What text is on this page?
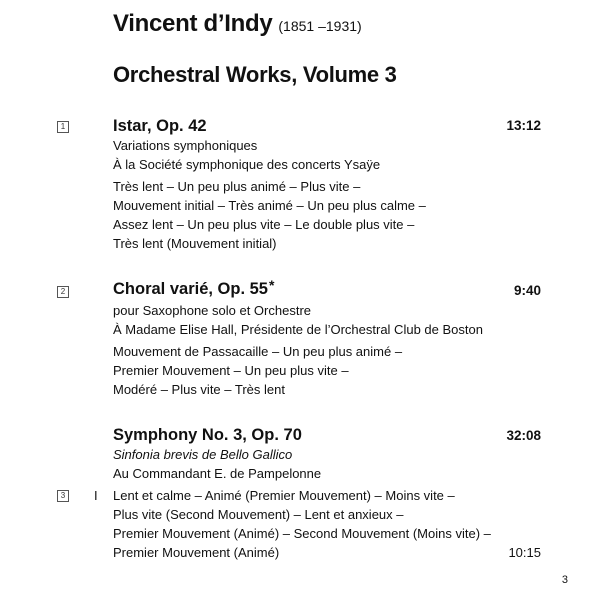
Vincent d’Indy (1851 –1931)
Orchestral Works, Volume 3
1	Istar, Op. 42	13:12
Variations symphoniques
À la Société symphonique des concerts Ysaÿe
Très lent – Un peu plus animé – Plus vite –
Mouvement initial – Très animé – Un peu plus calme –
Assez lent – Un peu plus vite – Le double plus vite –
Très lent (Mouvement initial)
2	Choral varié, Op. 55*	9:40
pour Saxophone solo et Orchestre
À Madame Elise Hall, Présidente de l’Orchestral Club de Boston
Mouvement de Passacaille – Un peu plus animé –
Premier Mouvement – Un peu plus vite –
Modéré – Plus vite – Très lent
Symphony No. 3, Op. 70	32:08
Sinfonia brevis de Bello Gallico
Au Commandant E. de Pampelonne
3 I Lent et calme – Animé (Premier Mouvement) – Moins vite –
Plus vite (Second Mouvement) – Lent et anxieux –
Premier Mouvement (Animé) – Second Mouvement (Moins vite) –
Premier Mouvement (Animé)	10:15
3
